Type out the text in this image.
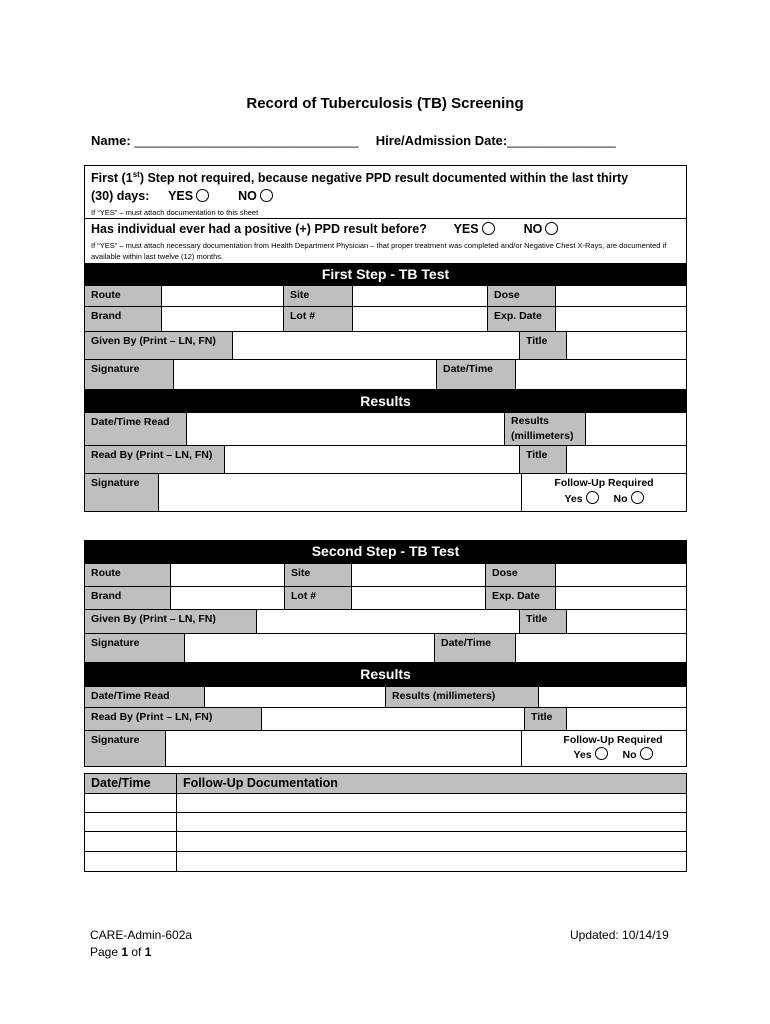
Record of Tuberculosis (TB) Screening
Name: _______________________________ Hire/Admission Date:_______________
First (1st) Step not required, because negative PPD result documented within the last thirty
(30) days: YES	NO
If “YES” – must attach documentation to this sheet
Has individual ever had a positive (+) PPD result before? YES	NO
If “YES” – must attach necessary documentation from Health Department Physician – that proper treatment was completed and/or Negative Chest X-Rays, are documented if available within last twelve (12) months.
First Step - TB Test
Route	Site	Dose
Brand	Lot #	Exp. Date
Given By (Print – LN, FN)	Title
Signature	Date/Time
Results
Date/Time Read	Results (millimeters)
Read By (Print – LN, FN)	Title
Signature	Follow-Up Required
Yes	No
Second Step - TB Test
Route	Site	Dose
Brand	Lot #	Exp. Date
Given By (Print – LN, FN)	Title
Signature	Date/Time
Results
Date/Time Read	Results (millimeters)
Read By (Print – LN, FN)	Title
Signature	Follow-Up Required
Yes	No
Date/Time	Follow-Up Documentation
CARE-Admin-602a
Page 1 of 1
Updated: 10/14/19
